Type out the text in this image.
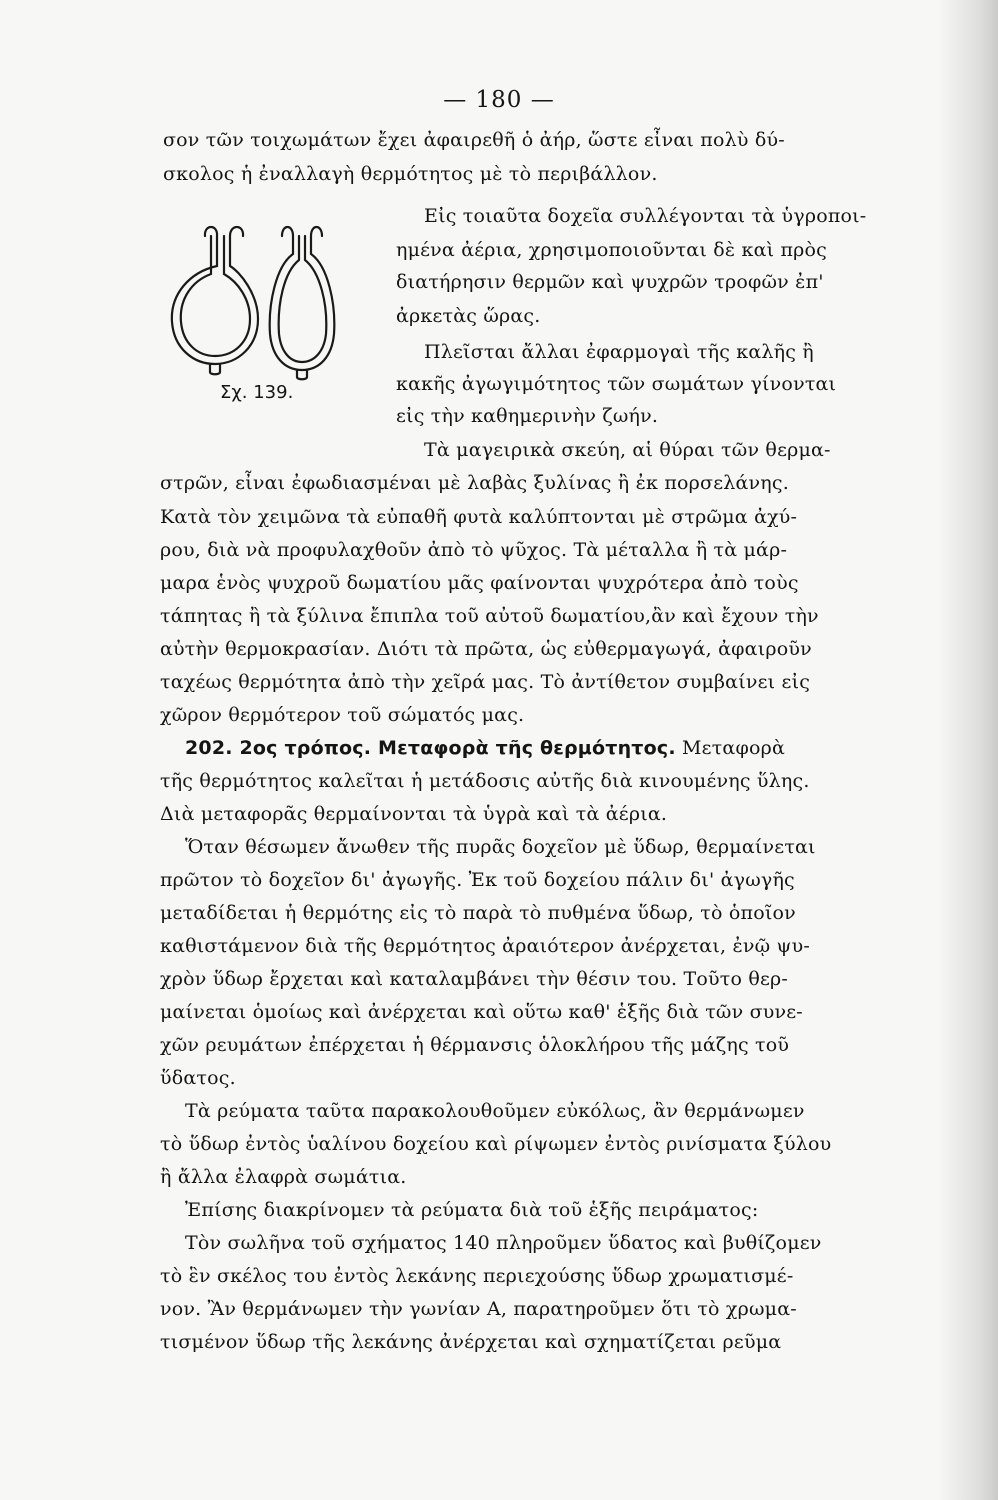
— 180 —
Σχ. 139.
σον τῶν τοιχωμάτων ἔχει ἀφαιρεθῆ ὁ ἀήρ, ὥστε εἶναι πολὺ δύ-
σκολος ἡ ἐναλλαγὴ θερμότητος μὲ τὸ περιβάλλον.
Εἰς τοιαῦτα δοχεῖα συλλέγονται τὰ ὑγροποι-
ημένα ἀέρια, χρησιμοποιοῦνται δὲ καὶ πρὸς
διατήρησιν θερμῶν καὶ ψυχρῶν τροφῶν ἐπ'
ἀρκετὰς ὥρας.
Πλεῖσται ἄλλαι ἐφαρμογαὶ τῆς καλῆς ἢ
κακῆς ἀγωγιμότητος τῶν σωμάτων γίνονται
εἰς τὴν καθημερινὴν ζωήν.
Τὰ μαγειρικὰ σκεύη, αἱ θύραι τῶν θερμα-
στρῶν, εἶναι ἐφωδιασμέναι μὲ λαβὰς ξυλίνας ἢ ἐκ πορσελάνης.
Κατὰ τὸν χειμῶνα τὰ εὐπαθῆ φυτὰ καλύπτονται μὲ στρῶμα ἀχύ-
ρου, διὰ νὰ προφυλαχθοῦν ἀπὸ τὸ ψῦχος. Τὰ μέταλλα ἢ τὰ μάρ-
μαρα ἑνὸς ψυχροῦ δωματίου μᾶς φαίνονται ψυχρότερα ἀπὸ τοὺς
τάπητας ἢ τὰ ξύλινα ἔπιπλα τοῦ αὐτοῦ δωματίου,ἂν καὶ ἔχουν τὴν
αὐτὴν θερμοκρασίαν. Διότι τὰ πρῶτα, ὡς εὐθερμαγωγά, ἀφαιροῦν
ταχέως θερμότητα ἀπὸ τὴν χεῖρά μας. Τὸ ἀντίθετον συμβαίνει εἰς
χῶρον θερμότερον τοῦ σώματός μας.
202. 2ος τρόπος. Μεταφορὰ τῆς θερμότητος. Μεταφορὰ
τῆς θερμότητος καλεῖται ἡ μετάδοσις αὐτῆς διὰ κινουμένης ὕλης.
Διὰ μεταφορᾶς θερμαίνονται τὰ ὑγρὰ καὶ τὰ ἀέρια.
Ὅταν θέσωμεν ἄνωθεν τῆς πυρᾶς δοχεῖον μὲ ὕδωρ, θερμαίνεται
πρῶτον τὸ δοχεῖον δι' ἀγωγῆς. Ἐκ τοῦ δοχείου πάλιν δι' ἀγωγῆς
μεταδίδεται ἡ θερμότης εἰς τὸ παρὰ τὸ πυθμένα ὕδωρ, τὸ ὁποῖον
καθιστάμενον διὰ τῆς θερμότητος ἀραιότερον ἀνέρχεται, ἐνῷ ψυ-
χρὸν ὕδωρ ἔρχεται καὶ καταλαμβάνει τὴν θέσιν του. Τοῦτο θερ-
μαίνεται ὁμοίως καὶ ἀνέρχεται καὶ οὕτω καθ' ἑξῆς διὰ τῶν συνε-
χῶν ρευμάτων ἐπέρχεται ἡ θέρμανσις ὁλοκλήρου τῆς μάζης τοῦ
ὕδατος.
Τὰ ρεύματα ταῦτα παρακολουθοῦμεν εὐκόλως, ἂν θερμάνωμεν
τὸ ὕδωρ ἐντὸς ὑαλίνου δοχείου καὶ ρίψωμεν ἐντὸς ρινίσματα ξύλου
ἢ ἄλλα ἐλαφρὰ σωμάτια.
Ἐπίσης διακρίνομεν τὰ ρεύματα διὰ τοῦ ἑξῆς πειράματος:
Τὸν σωλῆνα τοῦ σχήματος 140 πληροῦμεν ὕδατος καὶ βυθίζομεν
τὸ ἓν σκέλος του ἐντὸς λεκάνης περιεχούσης ὕδωρ χρωματισμέ-
νον. Ἂν θερμάνωμεν τὴν γωνίαν Α, παρατηροῦμεν ὅτι τὸ χρωμα-
τισμένον ὕδωρ τῆς λεκάνης ἀνέρχεται καὶ σχηματίζεται ρεῦμα
